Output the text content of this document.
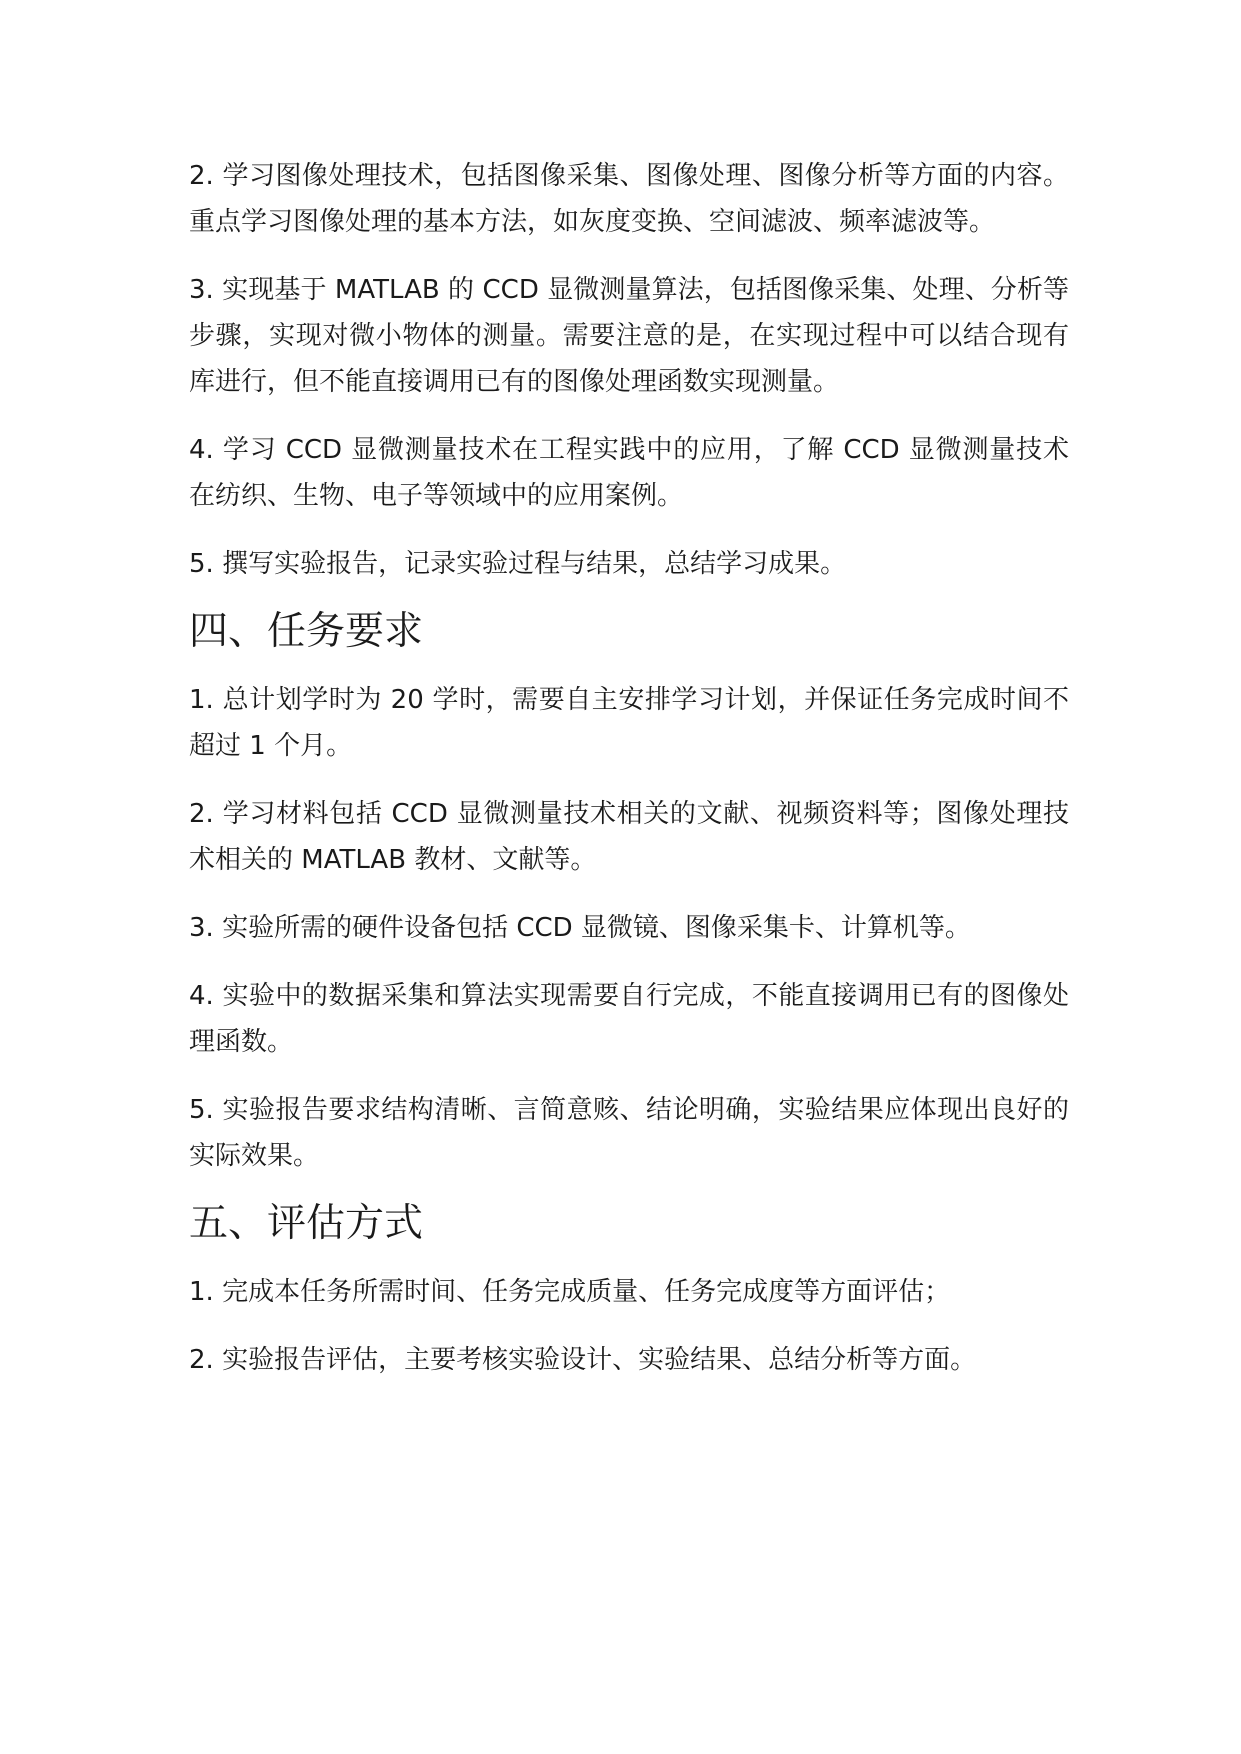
2. 学习图像处理技术，包括图像采集、图像处理、图像分析等方面的内容。重点学习图像处理的基本方法，如灰度变换、空间滤波、频率滤波等。

3. 实现基于 MATLAB 的 CCD 显微测量算法，包括图像采集、处理、分析等步骤，实现对微小物体的测量。需要注意的是，在实现过程中可以结合现有库进行，但不能直接调用已有的图像处理函数实现测量。

4. 学习 CCD 显微测量技术在工程实践中的应用，了解 CCD 显微测量技术在纺织、生物、电子等领域中的应用案例。

5. 撰写实验报告，记录实验过程与结果，总结学习成果。

四、任务要求

1. 总计划学时为 20 学时，需要自主安排学习计划，并保证任务完成时间不超过 1 个月。

2. 学习材料包括 CCD 显微测量技术相关的文献、视频资料等；图像处理技术相关的 MATLAB 教材、文献等。

3. 实验所需的硬件设备包括 CCD 显微镜、图像采集卡、计算机等。

4. 实验中的数据采集和算法实现需要自行完成，不能直接调用已有的图像处理函数。

5. 实验报告要求结构清晰、言简意赅、结论明确，实验结果应体现出良好的实际效果。

五、评估方式

1. 完成本任务所需时间、任务完成质量、任务完成度等方面评估；

2. 实验报告评估，主要考核实验设计、实验结果、总结分析等方面。
